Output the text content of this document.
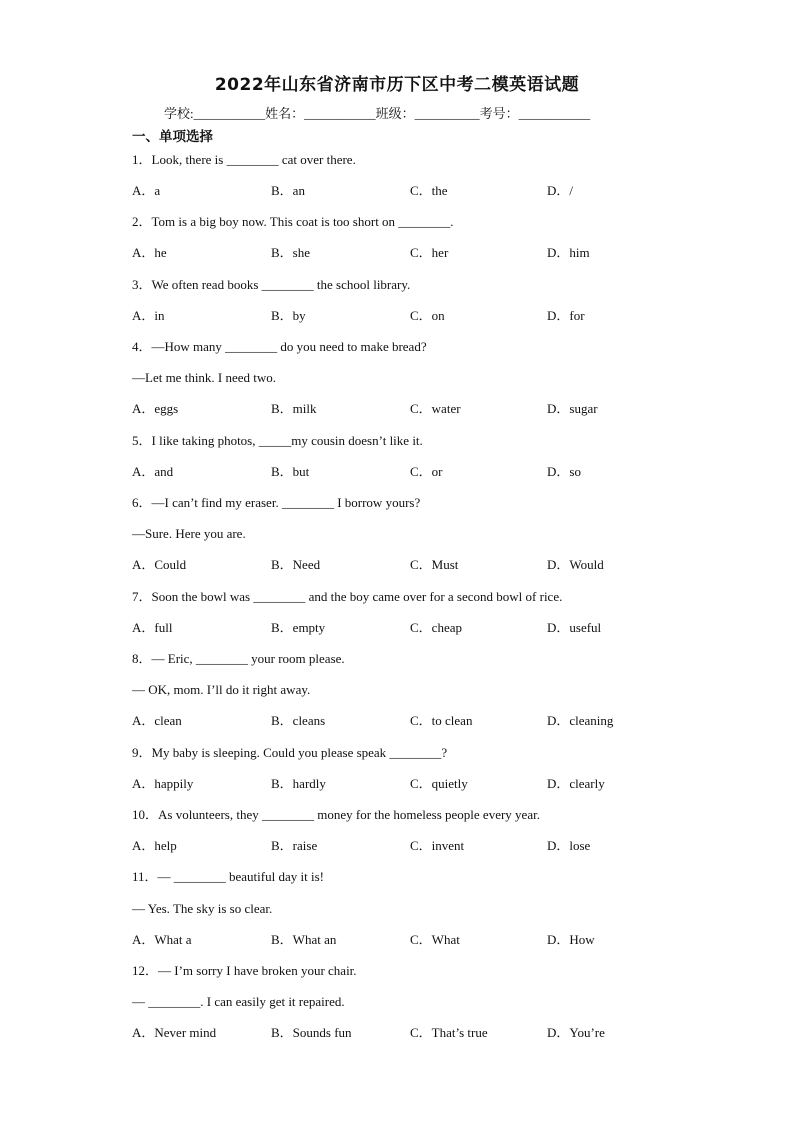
2022年山东省济南市历下区中考二模英语试题
学校:___________姓名：___________班级：__________考号：___________
一、单项选择
1．Look, there is ________ cat over there.
A．a	B．an	C．the	D．/
2．Tom is a big boy now. This coat is too short on ________.
A．he	B．she	C．her	D．him
3．We often read books ________ the school library.
A．in	B．by	C．on	D．for
4．—How many ________ do you need to make bread?
—Let me think. I need two.
A．eggs	B．milk	C．water	D．sugar
5．I like taking photos, _____my cousin doesn’t like it.
A．and	B．but	C．or	D．so
6．—I can’t find my eraser. ________ I borrow yours?
—Sure. Here you are.
A．Could	B．Need	C．Must	D．Would
7．Soon the bowl was ________ and the boy came over for a second bowl of rice.
A．full	B．empty	C．cheap	D．useful
8．— Eric, ________ your room please.
— OK, mom. I’ll do it right away.
A．clean	B．cleans	C．to clean	D．cleaning
9．My baby is sleeping. Could you please speak ________?
A．happily	B．hardly	C．quietly	D．clearly
10．As volunteers, they ________ money for the homeless people every year.
A．help	B．raise	C．invent	D．lose
11．— ________ beautiful day it is!
— Yes. The sky is so clear.
A．What a	B．What an	C．What	D．How
12．— I’m sorry I have broken your chair.
— ________. I can easily get it repaired.
A．Never mind	B．Sounds fun	C．That’s true	D．You’re
